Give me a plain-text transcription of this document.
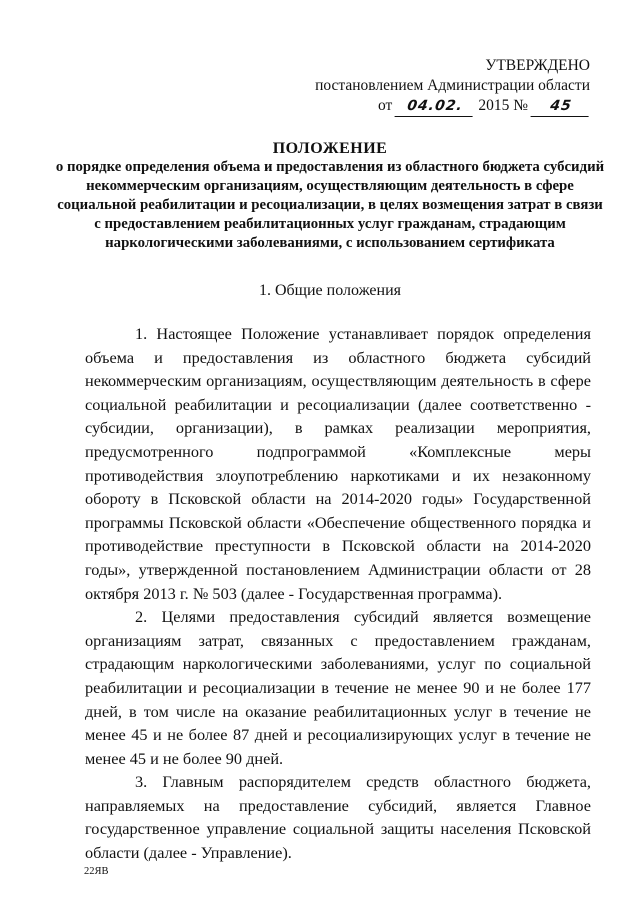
УТВЕРЖДЕНО
постановлением Администрации области
от	04.02. 2015 №	45
ПОЛОЖЕНИЕ
о порядке определения объема и предоставления из областного бюджета субсидий некоммерческим организациям, осуществляющим деятельность в сфере социальной реабилитации и ресоциализации, в целях возмещения затрат в связи с предоставлением реабилитационных услуг гражданам, страдающим наркологическими заболеваниями, с использованием сертификата
1. Общие положения

1. Настоящее Положение устанавливает порядок определения объема и предоставления из областного бюджета субсидий некоммерческим организациям, осуществляющим деятельность в сфере социальной реабилитации и ресоциализации (далее соответственно - субсидии, организации), в рамках реализации мероприятия, предусмотренного подпрограммой «Комплексные меры противодействия злоупотреблению наркотиками и их незаконному обороту в Псковской области на 2014-2020 годы» Государственной программы Псковской области «Обеспечение общественного порядка и противодействие преступности в Псковской области на 2014-2020 годы», утвержденной постановлением Администрации области от 28 октября 2013 г. № 503 (далее - Государственная программа).

2. Целями предоставления субсидий является возмещение организациям затрат, связанных с предоставлением гражданам, страдающим наркологическими заболеваниями, услуг по социальной реабилитации и ресоциализации в течение не менее 90 и не более 177 дней, в том числе на оказание реабилитационных услуг в течение не менее 45 и не более 87 дней и ресоциализирующих услуг в течение не менее 45 и не более 90 дней.

3. Главным распорядителем средств областного бюджета, направляемых на предоставление субсидий, является Главное государственное управление социальной защиты населения Псковской области (далее - Управление).

22ЯВ
